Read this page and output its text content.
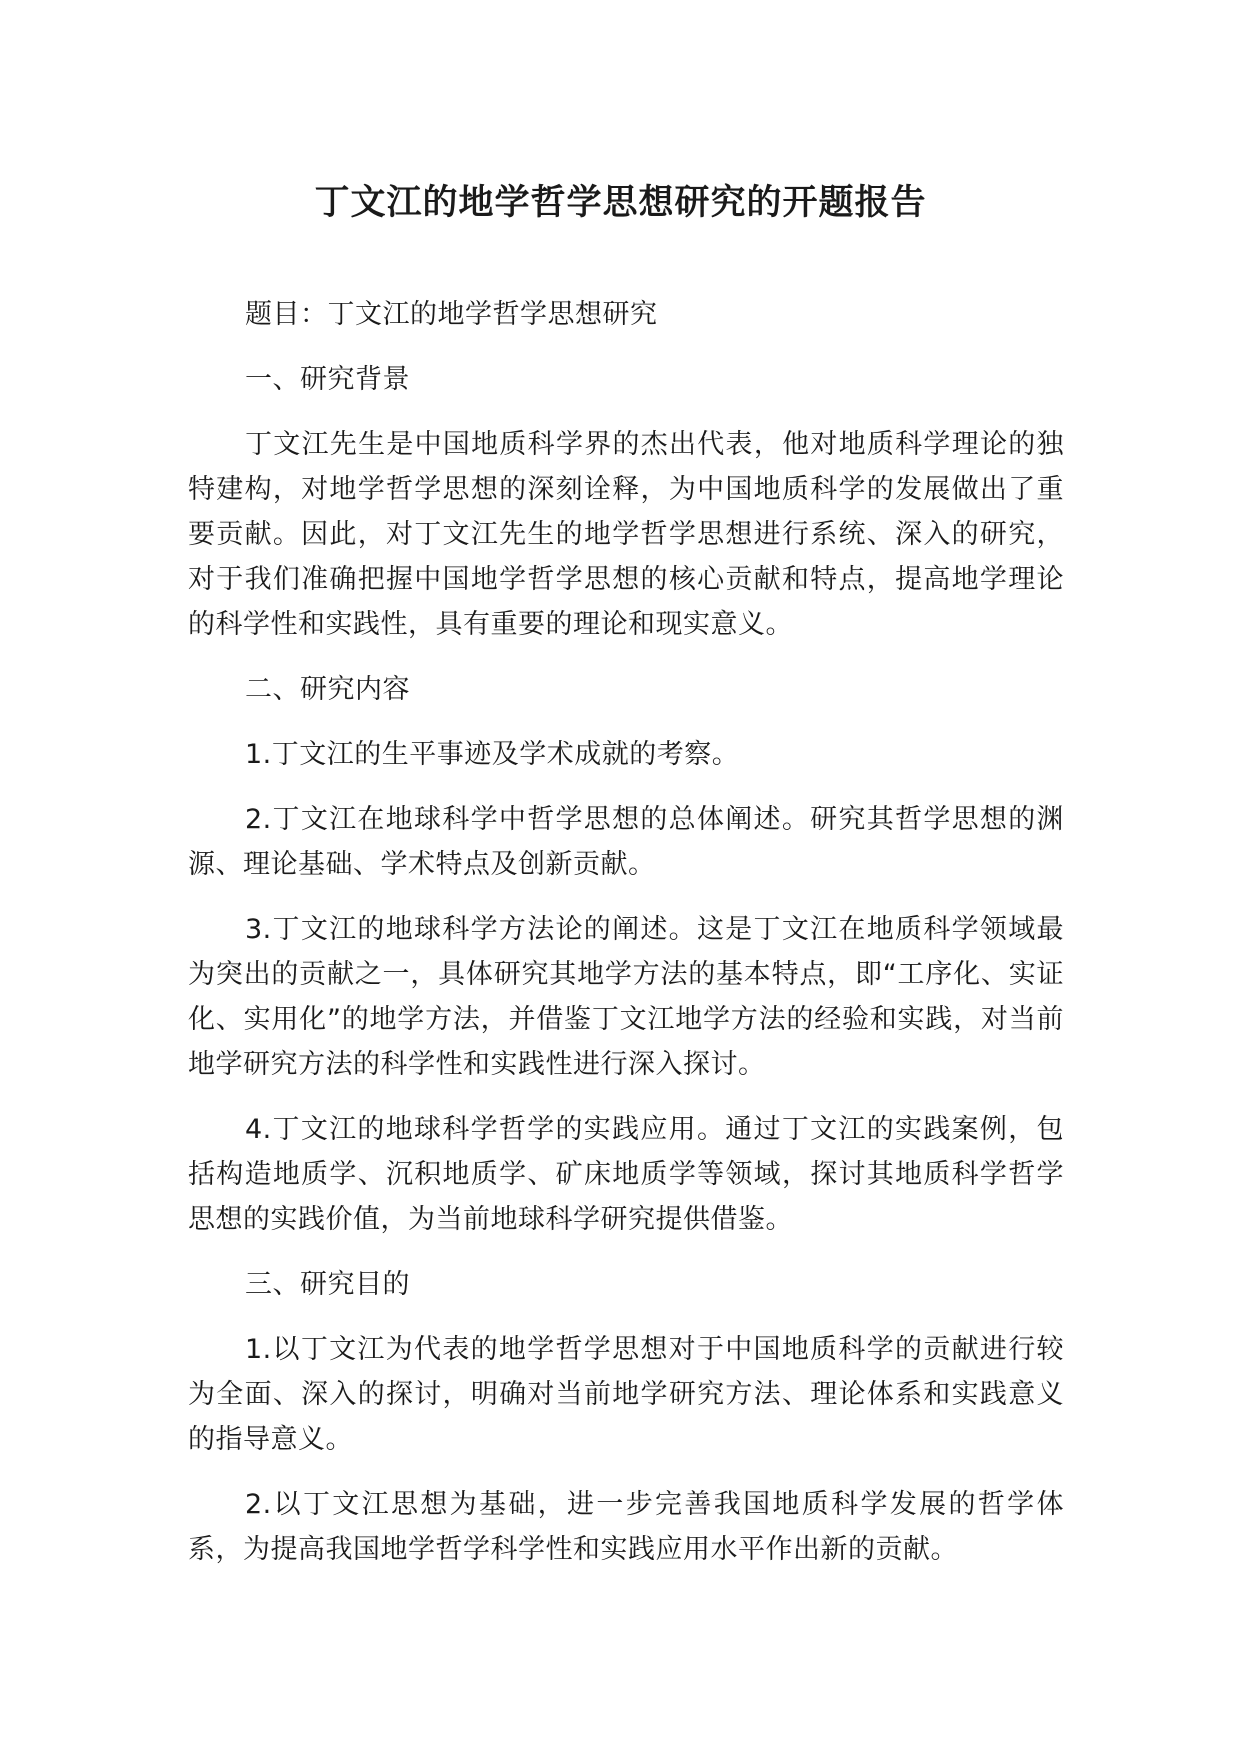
丁文江的地学哲学思想研究的开题报告

题目：丁文江的地学哲学思想研究

一、研究背景

丁文江先生是中国地质科学界的杰出代表，他对地质科学理论的独特建构，对地学哲学思想的深刻诠释，为中国地质科学的发展做出了重要贡献。因此，对丁文江先生的地学哲学思想进行系统、深入的研究，对于我们准确把握中国地学哲学思想的核心贡献和特点，提高地学理论的科学性和实践性，具有重要的理论和现实意义。

二、研究内容

1.丁文江的生平事迹及学术成就的考察。

2.丁文江在地球科学中哲学思想的总体阐述。研究其哲学思想的渊源、理论基础、学术特点及创新贡献。

3.丁文江的地球科学方法论的阐述。这是丁文江在地质科学领域最为突出的贡献之一，具体研究其地学方法的基本特点，即“工序化、实证化、实用化”的地学方法，并借鉴丁文江地学方法的经验和实践，对当前地学研究方法的科学性和实践性进行深入探讨。

4.丁文江的地球科学哲学的实践应用。通过丁文江的实践案例，包括构造地质学、沉积地质学、矿床地质学等领域，探讨其地质科学哲学思想的实践价值，为当前地球科学研究提供借鉴。

三、研究目的

1.以丁文江为代表的地学哲学思想对于中国地质科学的贡献进行较为全面、深入的探讨，明确对当前地学研究方法、理论体系和实践意义的指导意义。

2.以丁文江思想为基础，进一步完善我国地质科学发展的哲学体系，为提高我国地学哲学科学性和实践应用水平作出新的贡献。
